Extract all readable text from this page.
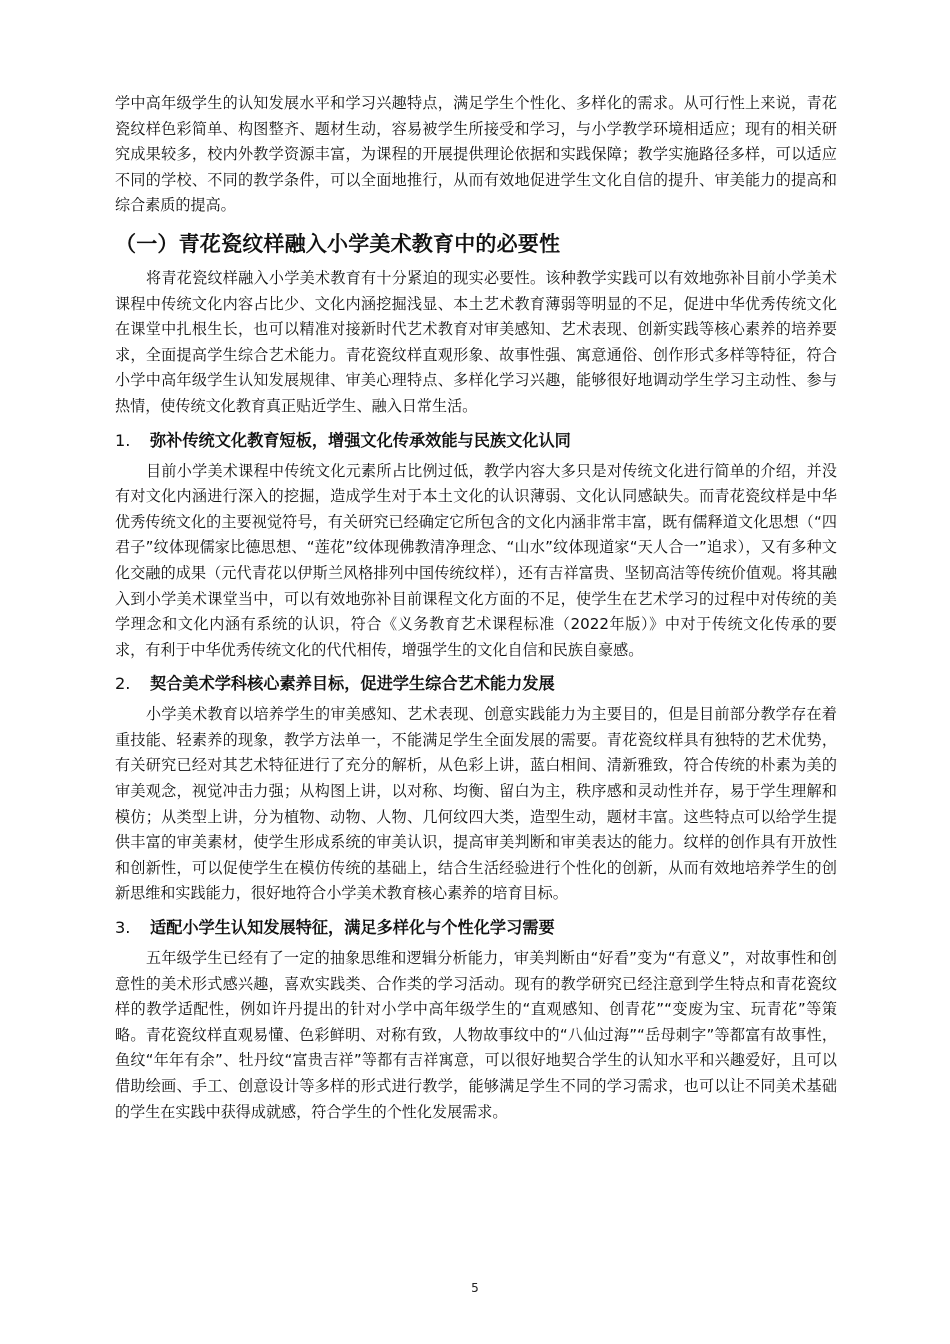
学中高年级学生的认知发展水平和学习兴趣特点，满足学生个性化、多样化的需求。从可行性上来说，青花瓷纹样色彩简单、构图整齐、题材生动，容易被学生所接受和学习，与小学教学环境相适应；现有的相关研究成果较多，校内外教学资源丰富，为课程的开展提供理论依据和实践保障；教学实施路径多样，可以适应不同的学校、不同的教学条件，可以全面地推行，从而有效地促进学生文化自信的提升、审美能力的提高和综合素质的提高。

（一）青花瓷纹样融入小学美术教育中的必要性

将青花瓷纹样融入小学美术教育有十分紧迫的现实必要性。该种教学实践可以有效地弥补目前小学美术课程中传统文化内容占比少、文化内涵挖掘浅显、本土艺术教育薄弱等明显的不足，促进中华优秀传统文化在课堂中扎根生长，也可以精准对接新时代艺术教育对审美感知、艺术表现、创新实践等核心素养的培养要求，全面提高学生综合艺术能力。青花瓷纹样直观形象、故事性强、寓意通俗、创作形式多样等特征，符合小学中高年级学生认知发展规律、审美心理特点、多样化学习兴趣，能够很好地调动学生学习主动性、参与热情，使传统文化教育真正贴近学生、融入日常生活。

1.	弥补传统文化教育短板，增强文化传承效能与民族文化认同

目前小学美术课程中传统文化元素所占比例过低，教学内容大多只是对传统文化进行简单的介绍，并没有对文化内涵进行深入的挖掘，造成学生对于本土文化的认识薄弱、文化认同感缺失。而青花瓷纹样是中华优秀传统文化的主要视觉符号，有关研究已经确定它所包含的文化内涵非常丰富，既有儒释道文化思想（“四君子”纹体现儒家比德思想、“莲花”纹体现佛教清净理念、“山水”纹体现道家“天人合一”追求），又有多种文化交融的成果（元代青花以伊斯兰风格排列中国传统纹样），还有吉祥富贵、坚韧高洁等传统价值观。将其融入到小学美术课堂当中，可以有效地弥补目前课程文化方面的不足，使学生在艺术学习的过程中对传统的美学理念和文化内涵有系统的认识，符合《义务教育艺术课程标准（2022年版）》中对于传统文化传承的要求，有利于中华优秀传统文化的代代相传，增强学生的文化自信和民族自豪感。

2.	契合美术学科核心素养目标，促进学生综合艺术能力发展

小学美术教育以培养学生的审美感知、艺术表现、创意实践能力为主要目的，但是目前部分教学存在着重技能、轻素养的现象，教学方法单一，不能满足学生全面发展的需要。青花瓷纹样具有独特的艺术优势，有关研究已经对其艺术特征进行了充分的解析，从色彩上讲，蓝白相间、清新雅致，符合传统的朴素为美的审美观念，视觉冲击力强；从构图上讲，以对称、均衡、留白为主，秩序感和灵动性并存，易于学生理解和模仿；从类型上讲，分为植物、动物、人物、几何纹四大类，造型生动，题材丰富。这些特点可以给学生提供丰富的审美素材，使学生形成系统的审美认识，提高审美判断和审美表达的能力。纹样的创作具有开放性和创新性，可以促使学生在模仿传统的基础上，结合生活经验进行个性化的创新，从而有效地培养学生的创新思维和实践能力，很好地符合小学美术教育核心素养的培育目标。

3.	适配小学生认知发展特征，满足多样化与个性化学习需要

五年级学生已经有了一定的抽象思维和逻辑分析能力，审美判断由“好看”变为“有意义”，对故事性和创意性的美术形式感兴趣，喜欢实践类、合作类的学习活动。现有的教学研究已经注意到学生特点和青花瓷纹样的教学适配性，例如许丹提出的针对小学中高年级学生的“直观感知、创青花”“变废为宝、玩青花”等策略。青花瓷纹样直观易懂、色彩鲜明、对称有致，人物故事纹中的“八仙过海”“岳母刺字”等都富有故事性，鱼纹“年年有余”、牡丹纹“富贵吉祥”等都有吉祥寓意，可以很好地契合学生的认知水平和兴趣爱好，且可以借助绘画、手工、创意设计等多样的形式进行教学，能够满足学生不同的学习需求，也可以让不同美术基础的学生在实践中获得成就感，符合学生的个性化发展需求。

5
